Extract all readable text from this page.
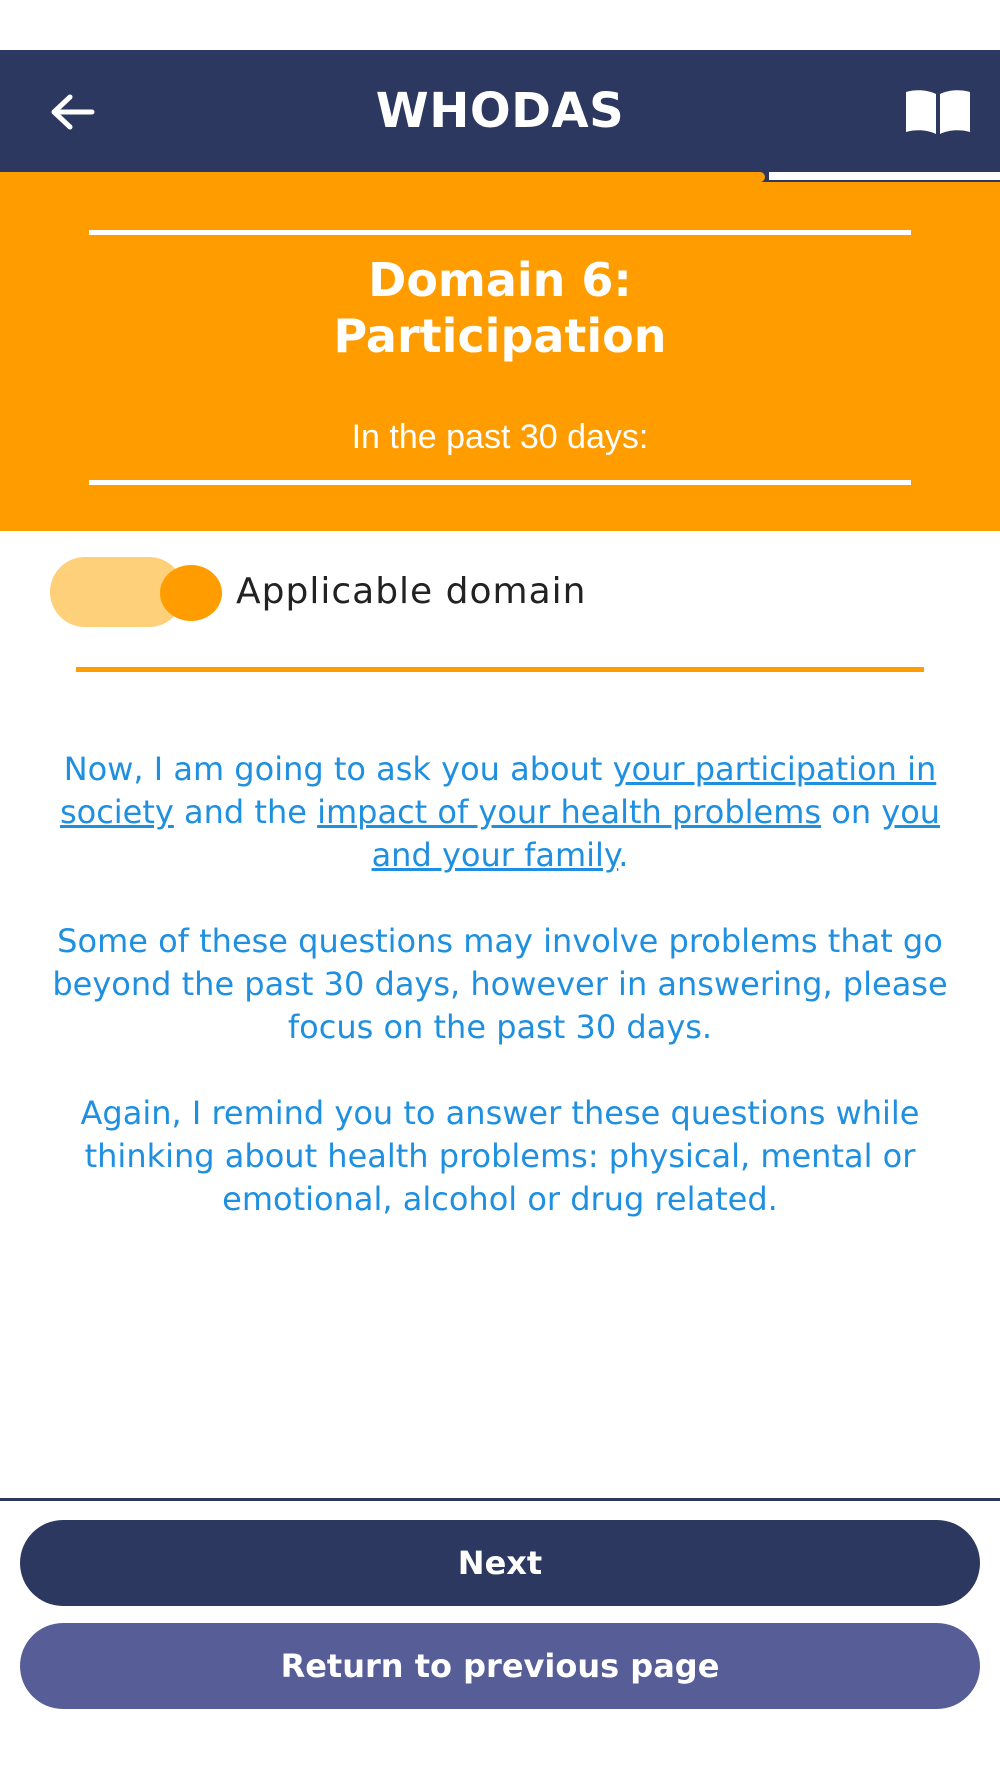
WHODAS
Domain 6:
Participation
In the past 30 days:
Applicable domain

Now, I am going to ask you about your participation in society and the impact of your health problems on you and your family.

Some of these questions may involve problems that go beyond the past 30 days, however in answering, please focus on the past 30 days.

Again, I remind you to answer these questions while thinking about health problems: physical, mental or emotional, alcohol or drug related.

Next
Return to previous page
